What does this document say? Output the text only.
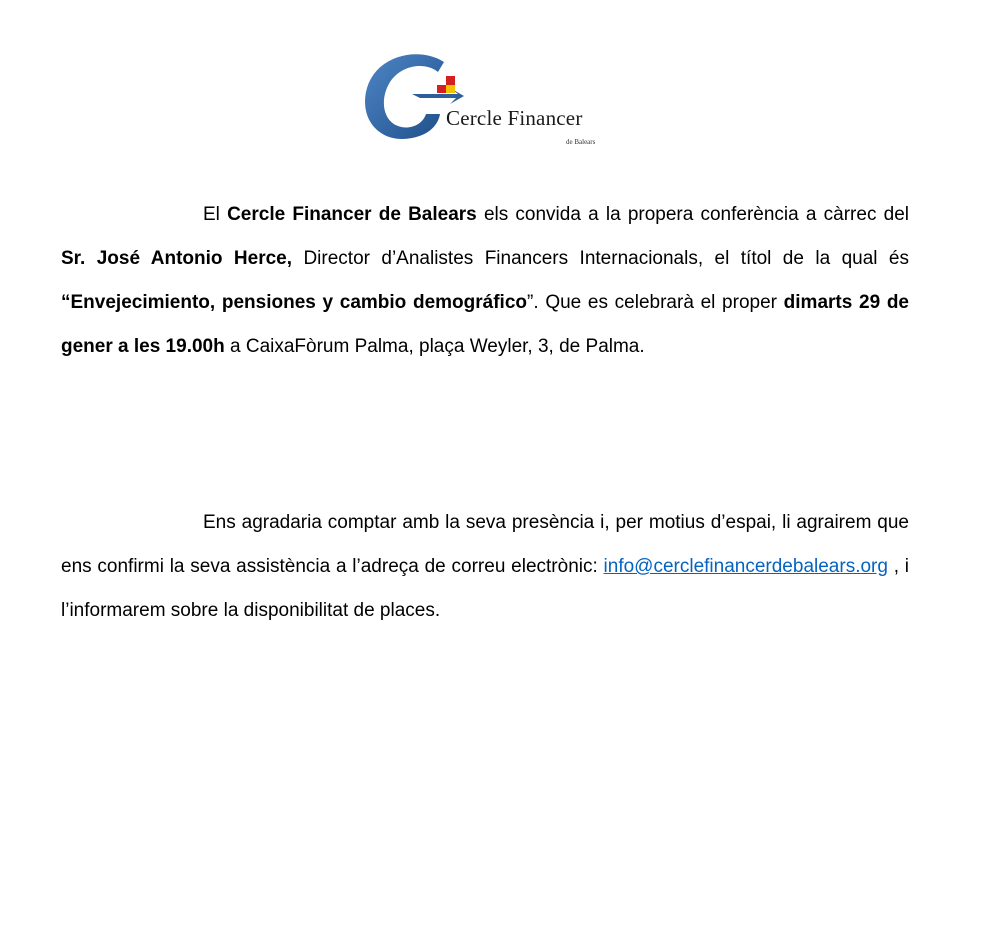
Cercle Financer
de Balears
El Cercle Financer de Balears els convida a la propera conferència a càrrec del Sr. José Antonio Herce, Director d’Analistes Financers Internacionals, el títol de la qual és “Envejecimiento, pensiones y cambio demográfico”. Que es celebrarà el proper dimarts 29 de gener a les 19.00h a CaixaFòrum Palma, plaça Weyler, 3, de Palma.
Ens agradaria comptar amb la seva presència i, per motius d’espai, li agrairem que ens confirmi la seva assistència a l’adreça de correu electrònic: info@cerclefinancerdebalears.org , i l’informarem sobre la disponibilitat de places.
